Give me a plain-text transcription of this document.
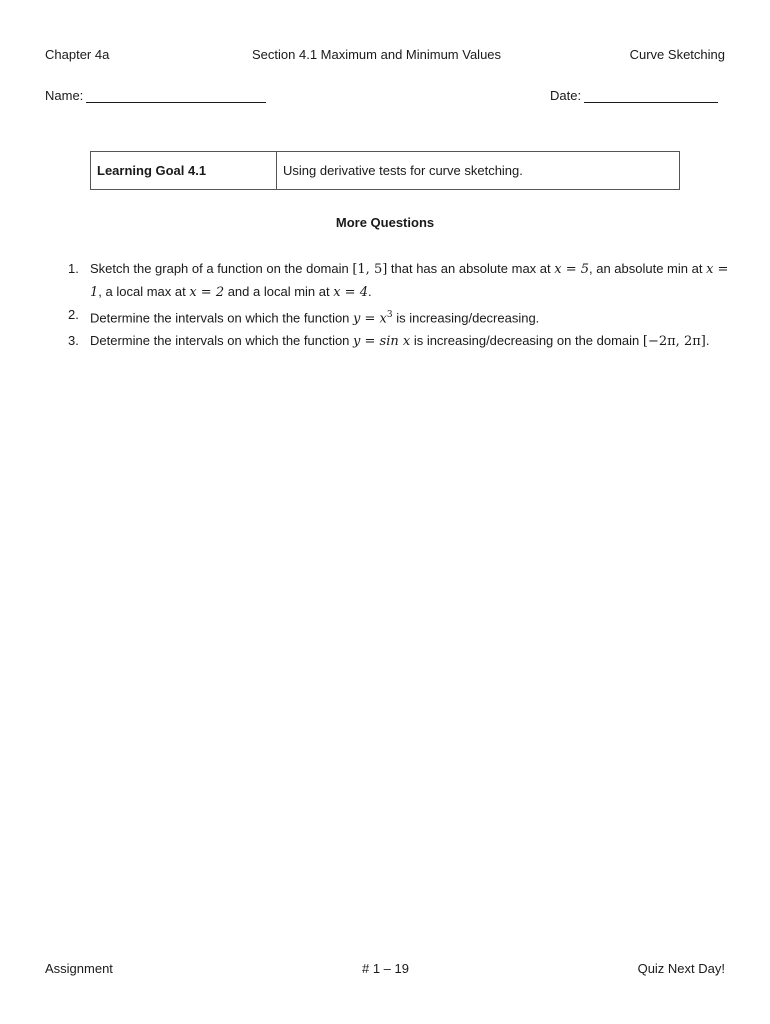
Chapter 4a	Section 4.1 Maximum and Minimum Values	Curve Sketching
Name:	Date:
Learning Goal 4.1	Using derivative tests for curve sketching.
More Questions
1. Sketch the graph of a function on the domain [1, 5] that has an absolute max at x = 5, an absolute min at x = 1, a local max at x = 2 and a local min at x = 4.
2. Determine the intervals on which the function $y = x^3$ is increasing/decreasing.
3. Determine the intervals on which the function y = sin x is increasing/decreasing on the domain [−2π, 2π].
Assignment	# 1 – 19	Quiz Next Day!
